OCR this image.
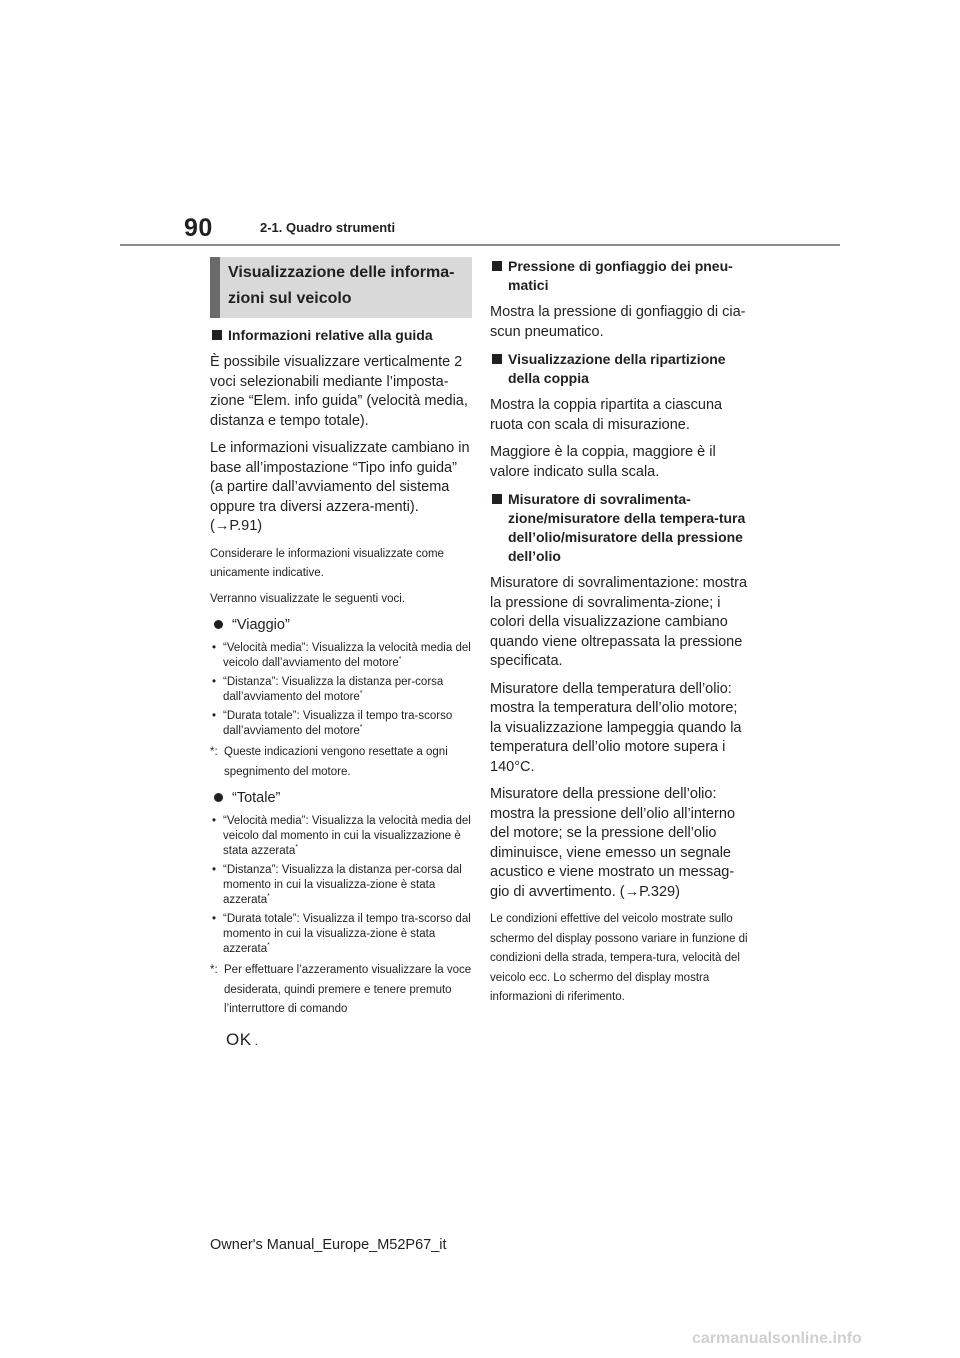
90	2-1. Quadro strumenti
Visualizzazione delle informa-
zioni sul veicolo
Informazioni relative alla guida

È possibile visualizzare verticalmente 2 voci selezionabili mediante l’imposta-zione “Elem. info guida” (velocità media, distanza e tempo totale).

Le informazioni visualizzate cambiano in base all’impostazione “Tipo info guida” (a partire dall’avviamento del sistema oppure tra diversi azzera-menti). (→P.91)

Considerare le informazioni visualizzate come unicamente indicative.

Verranno visualizzate le seguenti voci.

“Viaggio”
• “Velocità media”: Visualizza la velocità media del veicolo dall’avviamento del motore*
• “Distanza”: Visualizza la distanza per-corsa dall’avviamento del motore*
• “Durata totale”: Visualizza il tempo tra-scorso dall’avviamento del motore*
*: Queste indicazioni vengono resettate a ogni spegnimento del motore.
“Totale”
• “Velocità media”: Visualizza la velocità media del veicolo dal momento in cui la visualizzazione è stata azzerata*
• “Distanza”: Visualizza la distanza per-corsa dal momento in cui la visualizza-zione è stata azzerata*
• “Durata totale”: Visualizza il tempo tra-scorso dal momento in cui la visualizza-zione è stata azzerata*
*: Per effettuare l’azzeramento visualizzare la voce desiderata, quindi premere e tenere premuto l’interruttore di comando
OK .
Pressione di gonfiaggio dei pneu-matici

Mostra la pressione di gonfiaggio di cia-scun pneumatico.

Visualizzazione della ripartizione della coppia

Mostra la coppia ripartita a ciascuna ruota con scala di misurazione.

Maggiore è la coppia, maggiore è il valore indicato sulla scala.

Misuratore di sovralimenta-zione/misuratore della tempera-tura dell’olio/misuratore della pressione dell’olio

Misuratore di sovralimentazione: mostra la pressione di sovralimenta-zione; i colori della visualizzazione cambiano quando viene oltrepassata la pressione specificata.

Misuratore della temperatura dell’olio: mostra la temperatura dell’olio motore; la visualizzazione lampeggia quando la temperatura dell’olio motore supera i 140°C.

Misuratore della pressione dell’olio: mostra la pressione dell’olio all’interno del motore; se la pressione dell’olio diminuisce, viene emesso un segnale acustico e viene mostrato un messag-gio di avvertimento. (→P.329)

Le condizioni effettive del veicolo mostrate sullo schermo del display possono variare in funzione di condizioni della strada, tempera-tura, velocità del veicolo ecc. Lo schermo del display mostra informazioni di riferimento.

Owner's Manual_Europe_M52P67_it
carmanualsonline.info
